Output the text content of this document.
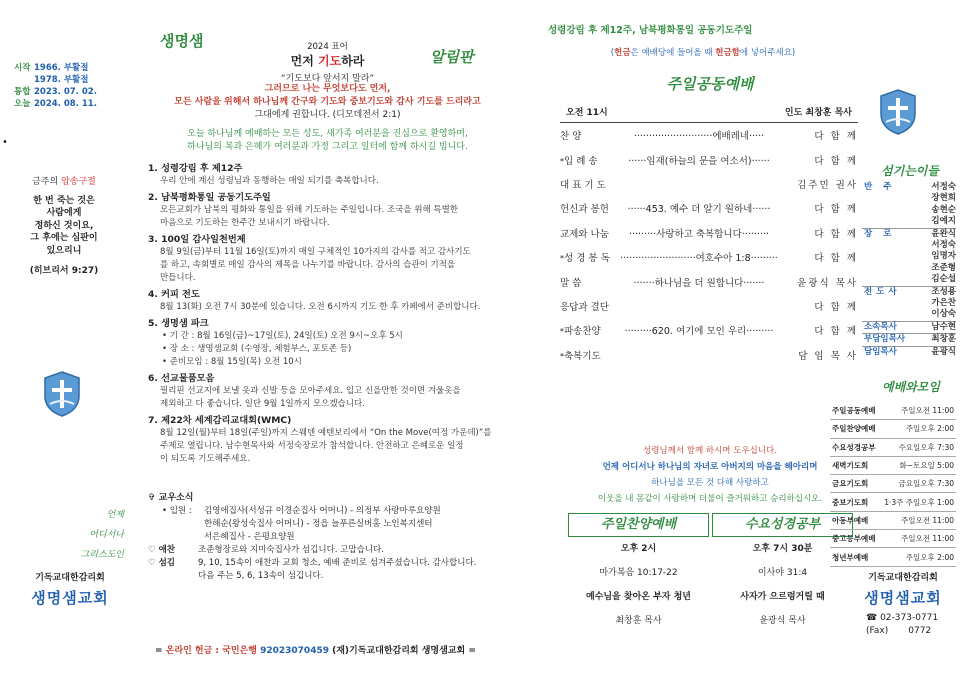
•
시작 1966. 부활절
1978. 부활절
통합 2023. 07. 02.
오늘 2024. 08. 11.
금주의 암송구절
한 번 죽는 것은
사람에게
정하신 것이요,
그 후에는 심판이
있으리니
(히브리서 9:27)
언제
어디서나
그리스도인
기독교대한감리회
생명샘교회
생명샘
알림판
2024 표어
먼저 기도하라
“기도보다 앞서지 말라”
그러므로 나는 무엇보다도 먼저,
모든 사람을 위해서 하나님께 간구와 기도와 중보기도와 감사 기도를 드리라고
그대에게 권합니다. (디모데전서 2:1)
오늘 하나님께 예배하는 모든 성도, 새가족 여러분을 진심으로 환영하며,
하나님의 복과 은혜가 여러분과 가정 그리고 일터에 함께 하시길 빕니다.
1. 성령강림 후 제12주
우리 안에 계신 성령님과 동행하는 매일 되기를 축복합니다.
2. 남북평화통일 공동기도주일
모든교회가 남북의 평화와 통일을 위해 기도하는 주일입니다. 조국을 위해 특별한
마음으로 기도하는 한주간 보내시기 바랍니다.
3. 100일 감사일천번제
8월 9일(금)부터 11월 16일(토)까지 매일 구체적인 10가지의 감사를 적고 감사기도
를 하고, 속회별로 매일 감사의 제목을 나누기를 바랍니다. 감사의 습관이 기적을
만듭니다.
4. 커피 전도
8월 13(화) 오전 7시 30분에 있습니다. 오전 6시까지 기도 한 후 카페에서 준비합니다.
5. 생명샘 파크
• 기 간 : 8월 16일(금)~17일(토), 24일(토) 오전 9시~오후 5시
• 장 소 : 생명샘교회 (수영장, 체험부스, 포토존 등)
• 준비모임 : 8월 15일(목) 오전 10시
6. 선교물품모음
필리핀 선교지에 보낼 옷과 신발 등을 모아주세요. 입고 신을만한 것이면 겨울옷을
제외하고 다 좋습니다. 일단 9월 1일까지 모으겠습니다.
7. 제22차 세계감리교대회(WMC)
8월 12일(월)부터 18일(주일)까지 스웨덴 예텐보리에서 “On the Move(여정 가운데)”를
주제로 열립니다. 남수현목사와 서정숙장로가 참석합니다. 안전하고 은혜로운 일정
이 되도록 기도해주세요.
✞ 교우소식
• 입원 :	김영애집사(서성규 이경순집사 어머니) - 의정부 사랑마루요양원
한해순(왕성숙집사 어머니) - 정읍 늘푸른실버홈 노인복지센터
서은혜집사 - 은평요양원
♡ 애찬	조준형장로와 지미숙집사가 섬깁니다. 고맙습니다.
♡ 섬김	9, 10, 15속이 애찬과 교회 청소, 예배 준비로 섬겨주셨습니다. 감사합니다.
다음 주는 5, 6, 13속이 섬깁니다.
= 온라인 헌금 : 국민은행 92023070459 (재)기독교대한감리회 생명샘교회 =
성령강림 후 제12주, 남북평화통일 공동기도주일
(헌금은 예배당에 들어올 때 헌금함에 넣어주세요)
주일공동예배
오전 11시	인도 최창훈 목사
찬 양	··························에배레네·····	다 함 께
*입 례 송	······임재(하늘의 문을 여소서)······	다 함 께
대 표 기 도	김주민 권사
헌신과 봉헌	······453. 예수 더 알기 원하네······	다 함 께
교제와 나눔	·········사랑하고 축복합니다·········	다 함 께
*성 경 봉 독	·························여호수아 1:8·········	다 함 께
말 씀	·······하나님을 더 원합니다·······	윤광식 목사
응답과 결단	다 함 께
*파송찬양	·········620. 여기에 모인 우리·········	다 함 께
*축복기도	담 임 목 사
성령님께서 함께 하시며 도우십니다.
언제 어디서나 하나님의 자녀로 아버지의 마음을 헤아리며
하나님을 모든 것 다해 사랑하고
이웃을 내 몸같이 사랑하며 더불어 즐거워하고 승리하십시오.
주일찬양예배
오후 2시
마가복음 10:17-22
예수님을 찾아온 부자 청년
최창훈 목사
수요성경공부
오후 7시 30분
이사야 31:4
사자가 으르렁거릴 때
윤광식 목사
섬기는이들
반 주	서정숙
장현희
송현순
김예지
장 로	윤완식
서정숙
임명자
조준형
김순섭
전도사	조성용
가은찬
이상숙
소속목사	남수현
부담임목사	최창훈
담임목사	윤광식
예배와모임
주일공동예배	주일오전 11:00
주일찬양예배	주일오후 2:00
수요성경공부	수요일오후 7:30
새벽기도회	화~토요일 5:00
금요기도회	금요일오후 7:30
중보기도회 1·3주 주일오후 1:00
아동부예배	주일오전 11:00
중고등부예배	주일오전 11:00
청년부예배	주일오후 2:00
기독교대한감리회
생명샘교회
☎ 02-373-0771
(Fax)       0772
